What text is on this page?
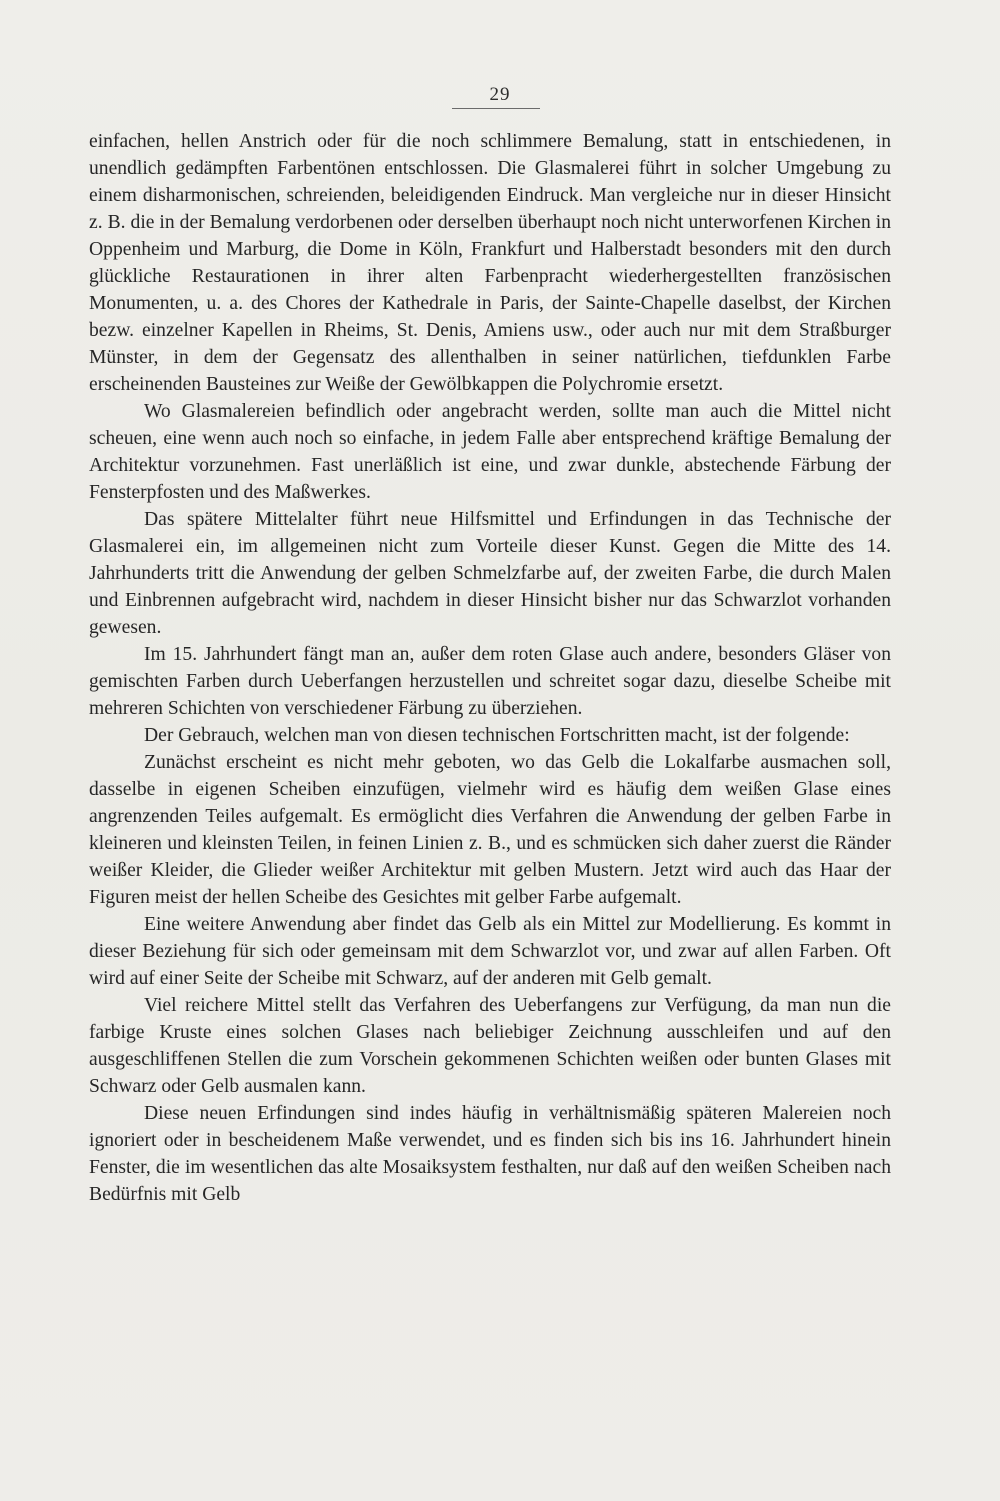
29

einfachen, hellen Anstrich oder für die noch schlimmere Bemalung, statt in entschiedenen, in unendlich gedämpften Farbentönen entschlossen. Die Glasmalerei führt in solcher Umgebung zu einem disharmonischen, schreienden, beleidigenden Eindruck. Man vergleiche nur in dieser Hinsicht z. B. die in der Bemalung verdorbenen oder derselben überhaupt noch nicht unterworfenen Kirchen in Oppenheim und Marburg, die Dome in Köln, Frankfurt und Halberstadt besonders mit den durch glückliche Restaurationen in ihrer alten Farbenpracht wiederhergestellten französischen Monumenten, u. a. des Chores der Kathedrale in Paris, der Sainte-Chapelle daselbst, der Kirchen bezw. einzelner Kapellen in Rheims, St. Denis, Amiens usw., oder auch nur mit dem Straßburger Münster, in dem der Gegensatz des allenthalben in seiner natürlichen, tiefdunklen Farbe erscheinenden Bausteines zur Weiße der Gewölbkappen die Polychromie ersetzt.

Wo Glasmalereien befindlich oder angebracht werden, sollte man auch die Mittel nicht scheuen, eine wenn auch noch so einfache, in jedem Falle aber entsprechend kräftige Bemalung der Architektur vorzunehmen. Fast unerläßlich ist eine, und zwar dunkle, abstechende Färbung der Fensterpfosten und des Maßwerkes.

Das spätere Mittelalter führt neue Hilfsmittel und Erfindungen in das Technische der Glasmalerei ein, im allgemeinen nicht zum Vorteile dieser Kunst. Gegen die Mitte des 14. Jahrhunderts tritt die Anwendung der gelben Schmelzfarbe auf, der zweiten Farbe, die durch Malen und Einbrennen aufgebracht wird, nachdem in dieser Hinsicht bisher nur das Schwarzlot vorhanden gewesen.

Im 15. Jahrhundert fängt man an, außer dem roten Glase auch andere, besonders Gläser von gemischten Farben durch Ueberfangen herzustellen und schreitet sogar dazu, dieselbe Scheibe mit mehreren Schichten von verschiedener Färbung zu überziehen.

Der Gebrauch, welchen man von diesen technischen Fortschritten macht, ist der folgende:

Zunächst erscheint es nicht mehr geboten, wo das Gelb die Lokalfarbe ausmachen soll, dasselbe in eigenen Scheiben einzufügen, vielmehr wird es häufig dem weißen Glase eines angrenzenden Teiles aufgemalt. Es ermöglicht dies Verfahren die Anwendung der gelben Farbe in kleineren und kleinsten Teilen, in feinen Linien z. B., und es schmücken sich daher zuerst die Ränder weißer Kleider, die Glieder weißer Architektur mit gelben Mustern. Jetzt wird auch das Haar der Figuren meist der hellen Scheibe des Gesichtes mit gelber Farbe aufgemalt.

Eine weitere Anwendung aber findet das Gelb als ein Mittel zur Modellierung. Es kommt in dieser Beziehung für sich oder gemeinsam mit dem Schwarzlot vor, und zwar auf allen Farben. Oft wird auf einer Seite der Scheibe mit Schwarz, auf der anderen mit Gelb gemalt.

Viel reichere Mittel stellt das Verfahren des Ueberfangens zur Verfügung, da man nun die farbige Kruste eines solchen Glases nach beliebiger Zeichnung ausschleifen und auf den ausgeschliffenen Stellen die zum Vorschein gekommenen Schichten weißen oder bunten Glases mit Schwarz oder Gelb ausmalen kann.

Diese neuen Erfindungen sind indes häufig in verhältnismäßig späteren Malereien noch ignoriert oder in bescheidenem Maße verwendet, und es finden sich bis ins 16. Jahrhundert hinein Fenster, die im wesentlichen das alte Mosaiksystem festhalten, nur daß auf den weißen Scheiben nach Bedürfnis mit Gelb
